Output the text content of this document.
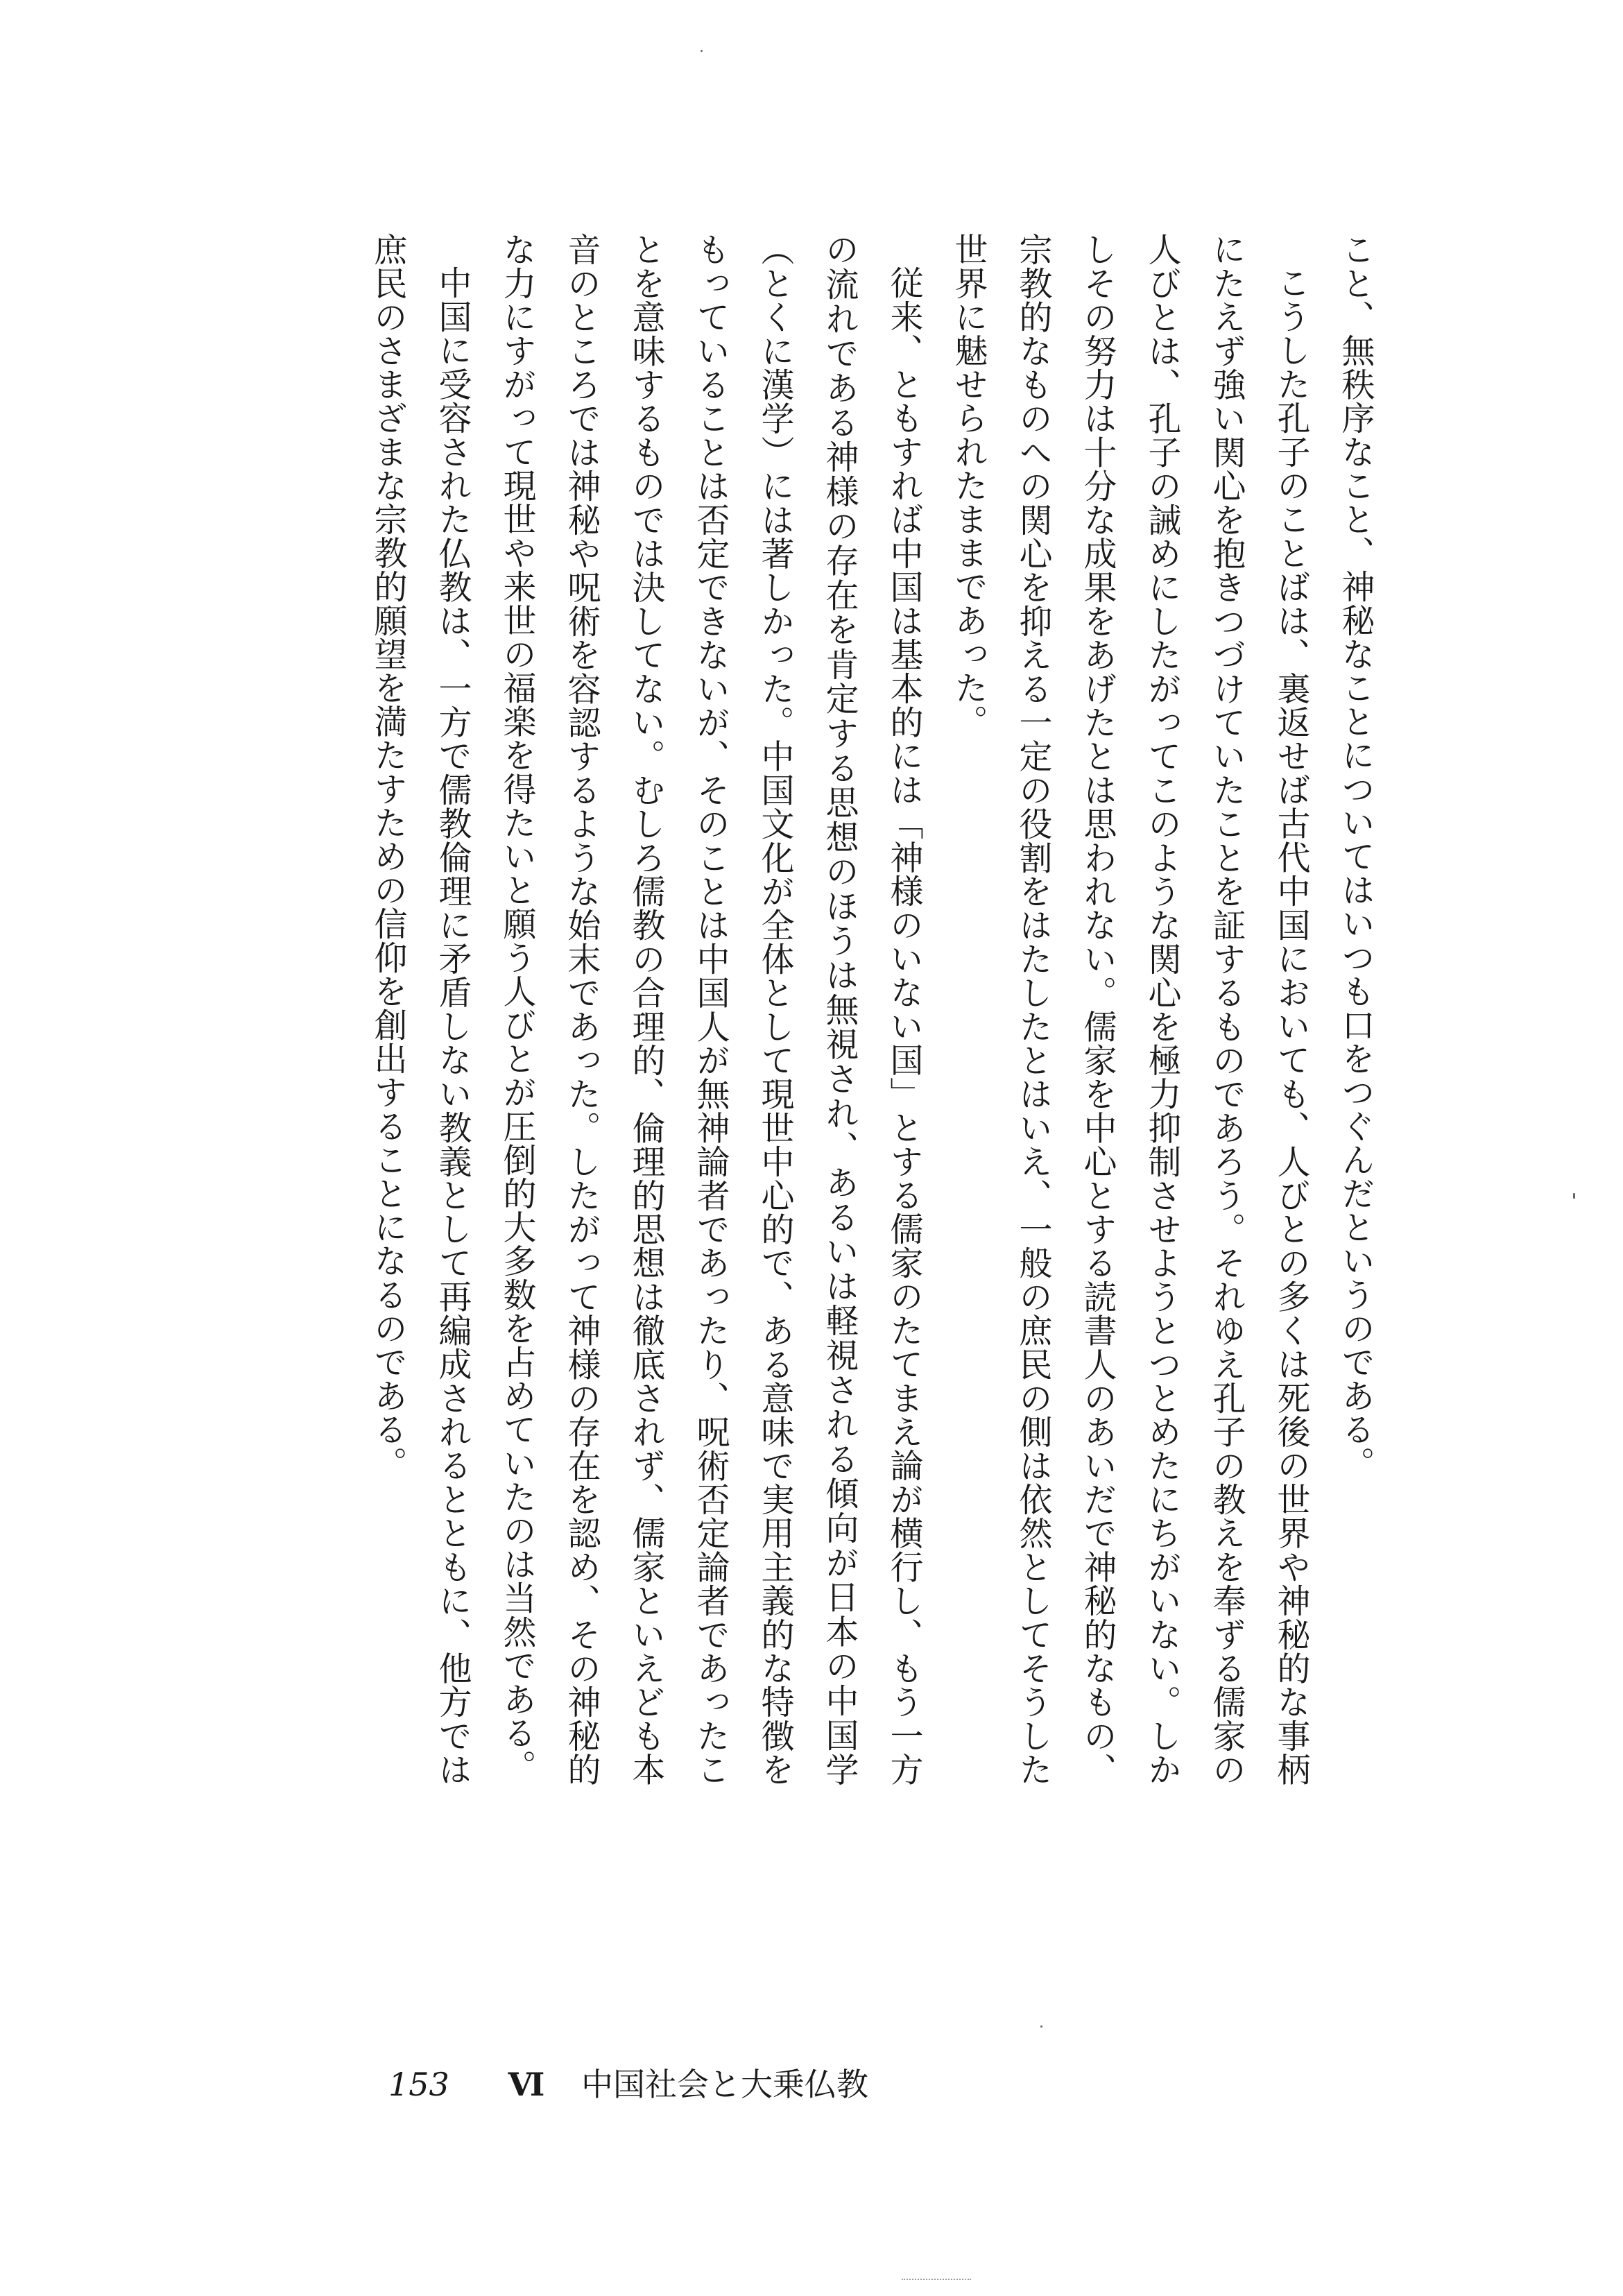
こと、無秩序なこと、神秘なことについてはいつも口をつぐんだというのである。

こうした孔子のことばは、裏返せば古代中国においても、人びとの多くは死後の世界や神秘的な事柄にたえず強い関心を抱きつづけていたことを証するものであろう。それゆえ孔子の教えを奉ずる儒家の人びとは、孔子の誡めにしたがってこのような関心を極力抑制させようとつとめたにちがいない。しかしその努力は十分な成果をあげたとは思われない。儒家を中心とする読書人のあいだで神秘的なもの、宗教的なものへの関心を抑える一定の役割をはたしたとはいえ、一般の庶民の側は依然としてそうした世界に魅せられたままであった。

従来、ともすれば中国は基本的には「神様のいない国」とする儒家のたてまえ論が横行し、もう一方の流れである神様の存在を肯定する思想のほうは無視され、あるいは軽視される傾向が日本の中国学（とくに漢学）には著しかった。中国文化が全体として現世中心的で、ある意味で実用主義的な特徴をもっていることは否定できないが、そのことは中国人が無神論者であったり、呪術否定論者であったことを意味するものでは決してない。むしろ儒教の合理的、倫理的思想は徹底されず、儒家といえども本音のところでは神秘や呪術を容認するような始末であった。したがって神様の存在を認め、その神秘的な力にすがって現世や来世の福楽を得たいと願う人びとが圧倒的大多数を占めていたのは当然である。

中国に受容された仏教は、一方で儒教倫理に矛盾しない教義として再編成されるとともに、他方では庶民のさまざまな宗教的願望を満たすための信仰を創出することになるのである。

153 Ⅵ 中国社会と大乗仏教
